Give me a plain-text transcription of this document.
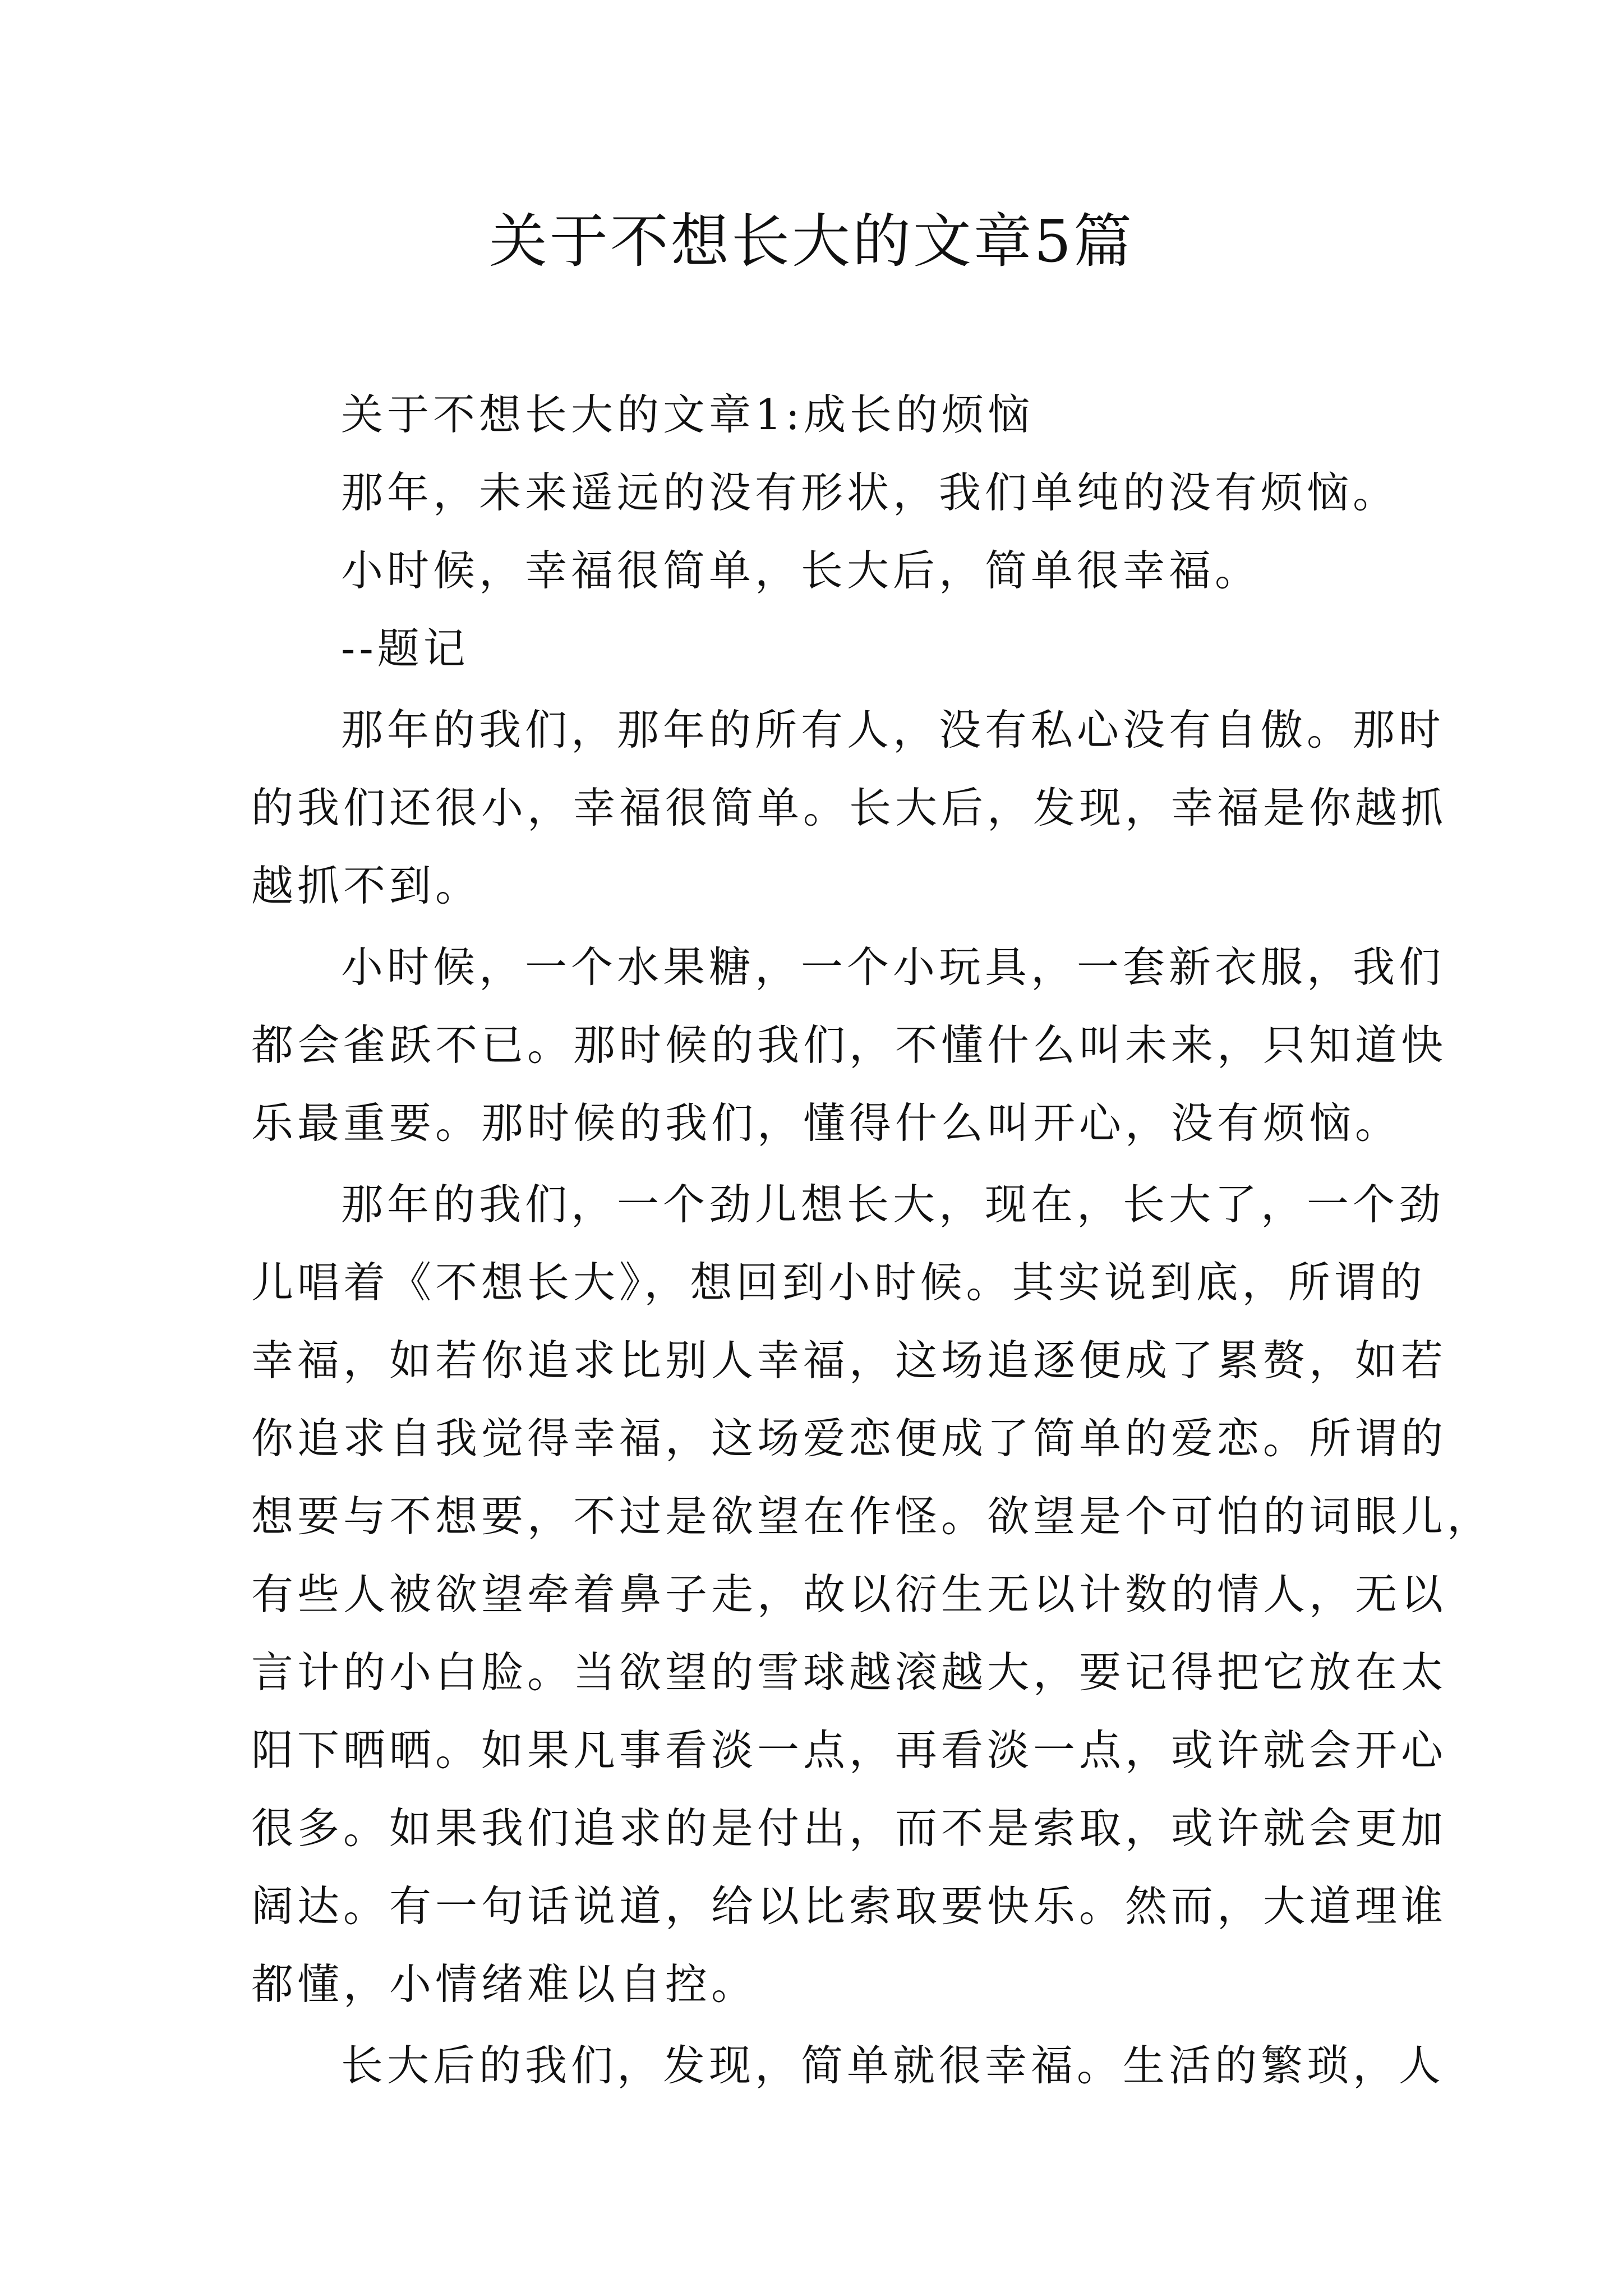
关于不想长大的文章5篇
关于不想长大的文章1:成长的烦恼
那年，未来遥远的没有形状，我们单纯的没有烦恼。
小时候，幸福很简单，长大后，简单很幸福。
--题记
那年的我们，那年的所有人，没有私心没有自傲。那时
的我们还很小，幸福很简单。长大后，发现，幸福是你越抓
越抓不到。
小时候，一个水果糖，一个小玩具，一套新衣服，我们
都会雀跃不已。那时候的我们，不懂什么叫未来，只知道快
乐最重要。那时候的我们，懂得什么叫开心，没有烦恼。
那年的我们，一个劲儿想长大，现在，长大了，一个劲
儿唱着《不想长大》，想回到小时候。其实说到底，所谓的
幸福，如若你追求比别人幸福，这场追逐便成了累赘，如若
你追求自我觉得幸福，这场爱恋便成了简单的爱恋。所谓的
想要与不想要，不过是欲望在作怪。欲望是个可怕的词眼儿，
有些人被欲望牵着鼻子走，故以衍生无以计数的情人，无以
言计的小白脸。当欲望的雪球越滚越大，要记得把它放在太
阳下晒晒。如果凡事看淡一点，再看淡一点，或许就会开心
很多。如果我们追求的是付出，而不是索取，或许就会更加
阔达。有一句话说道，给以比索取要快乐。然而，大道理谁
都懂，小情绪难以自控。
长大后的我们，发现，简单就很幸福。生活的繁琐，人
